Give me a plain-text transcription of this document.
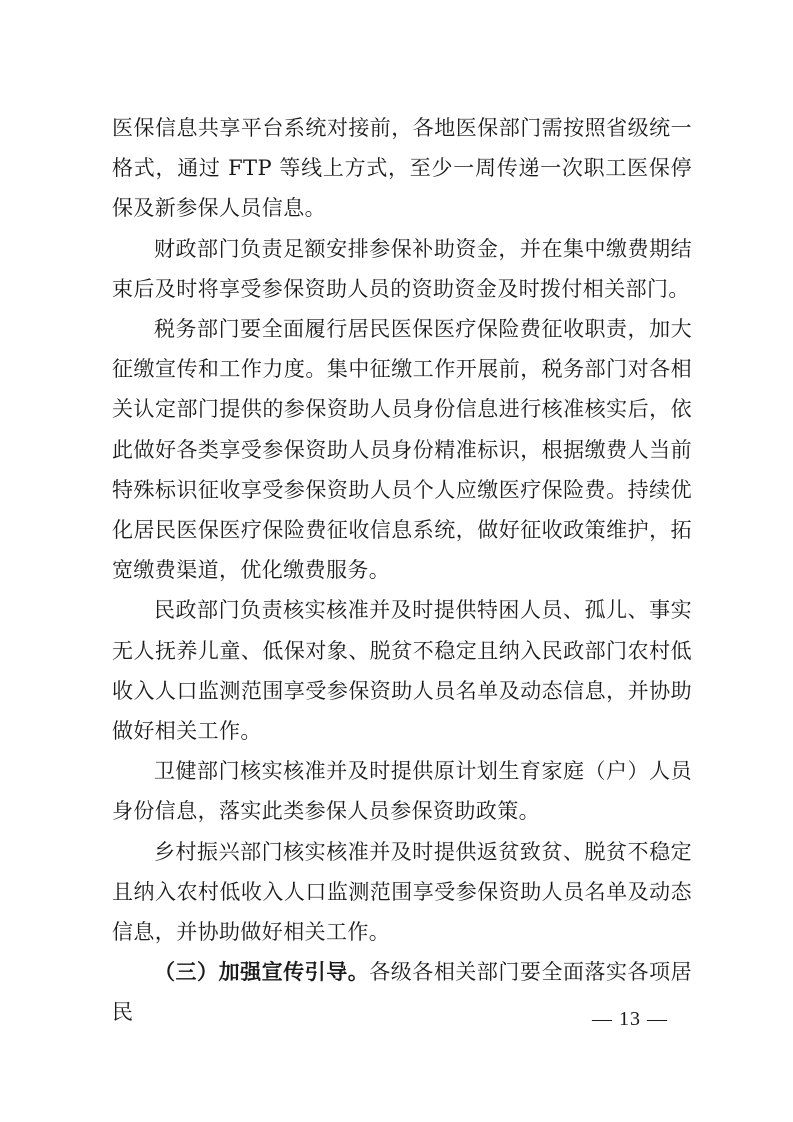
医保信息共享平台系统对接前，各地医保部门需按照省级统一格式，通过 FTP 等线上方式，至少一周传递一次职工医保停保及新参保人员信息。

财政部门负责足额安排参保补助资金，并在集中缴费期结束后及时将享受参保资助人员的资助资金及时拨付相关部门。

税务部门要全面履行居民医保医疗保险费征收职责，加大征缴宣传和工作力度。集中征缴工作开展前，税务部门对各相关认定部门提供的参保资助人员身份信息进行核准核实后，依此做好各类享受参保资助人员身份精准标识，根据缴费人当前特殊标识征收享受参保资助人员个人应缴医疗保险费。持续优化居民医保医疗保险费征收信息系统，做好征收政策维护，拓宽缴费渠道，优化缴费服务。

民政部门负责核实核准并及时提供特困人员、孤儿、事实无人抚养儿童、低保对象、脱贫不稳定且纳入民政部门农村低收入人口监测范围享受参保资助人员名单及动态信息，并协助做好相关工作。

卫健部门核实核准并及时提供原计划生育家庭（户）人员身份信息，落实此类参保人员参保资助政策。

乡村振兴部门核实核准并及时提供返贫致贫、脱贫不稳定且纳入农村低收入人口监测范围享受参保资助人员名单及动态信息，并协助做好相关工作。

（三）加强宣传引导。各级各相关部门要全面落实各项居民	— 13 —
